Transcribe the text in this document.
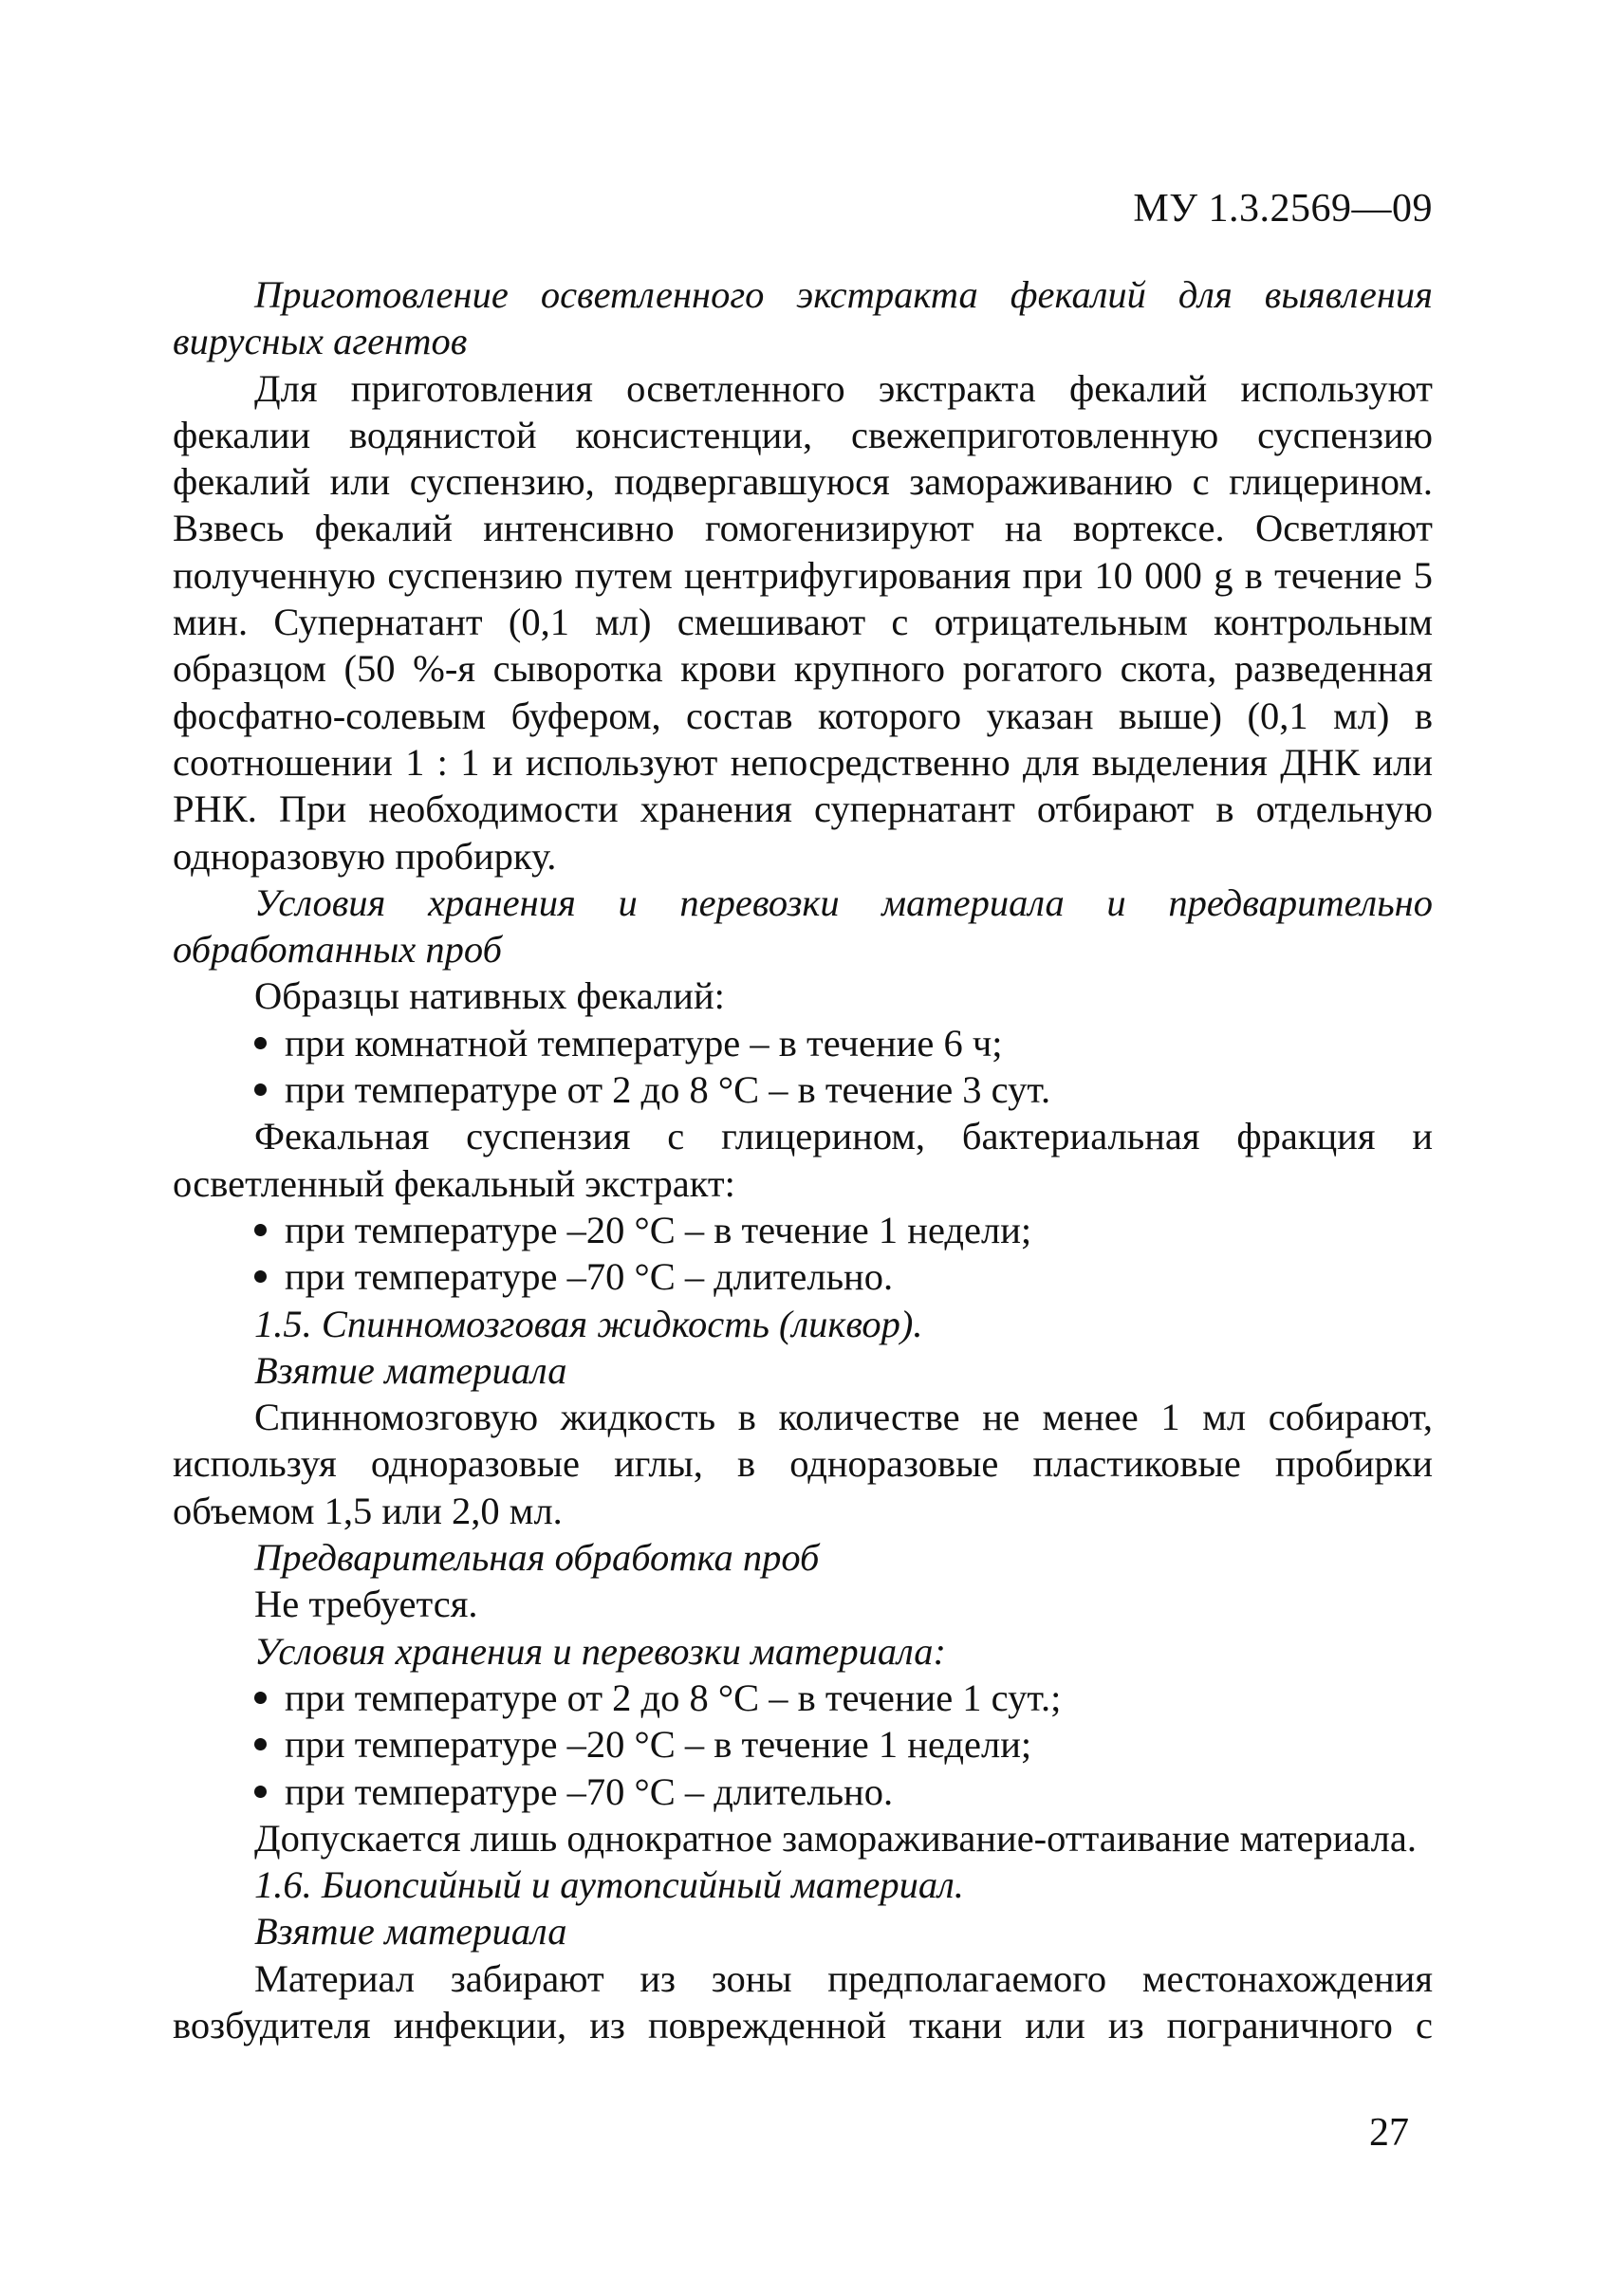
МУ 1.3.2569—09

Приготовление осветленного экстракта фекалий для выявления вирусных агентов

Для приготовления осветленного экстракта фекалий используют фекалии водянистой консистенции, свежеприготовленную суспензию фекалий или суспензию, подвергавшуюся замораживанию с глицерином. Взвесь фекалий интенсивно гомогенизируют на вортексе. Осветляют полученную суспензию путем центрифугирования при 10 000 g в течение 5 мин. Супернатант (0,1 мл) смешивают с отрицательным контрольным образцом (50 %-я сыворотка крови крупного рогатого скота, разведенная фосфатно-солевым буфером, состав которого указан выше) (0,1 мл) в соотношении 1 : 1 и используют непосредственно для выделения ДНК или РНК. При необходимости хранения супернатант отбирают в отдельную одноразовую пробирку.

Условия хранения и перевозки материала и предварительно обработанных проб

Образцы нативных фекалий:

при комнатной температуре – в течение 6 ч;
при температуре от 2 до 8 °С – в течение 3 сут.

Фекальная суспензия с глицерином, бактериальная фракция и осветленный фекальный экстракт:

при температуре –20 °С – в течение 1 недели;
при температуре –70 °С – длительно.

1.5. Спинномозговая жидкость (ликвор).

Взятие материала

Спинномозговую жидкость в количестве не менее 1 мл собирают, используя одноразовые иглы, в одноразовые пластиковые пробирки объемом 1,5 или 2,0 мл.

Предварительная обработка проб

Не требуется.

Условия хранения и перевозки материала:

при температуре от 2 до 8 °С – в течение 1 сут.;
при температуре –20 °С – в течение 1 недели;
при температуре –70 °С – длительно.

Допускается лишь однократное замораживание-оттаивание материала.

1.6. Биопсийный и аутопсийный материал.

Взятие материала

Материал забирают из зоны предполагаемого местонахождения возбудителя инфекции, из поврежденной ткани или из пограничного с

27
